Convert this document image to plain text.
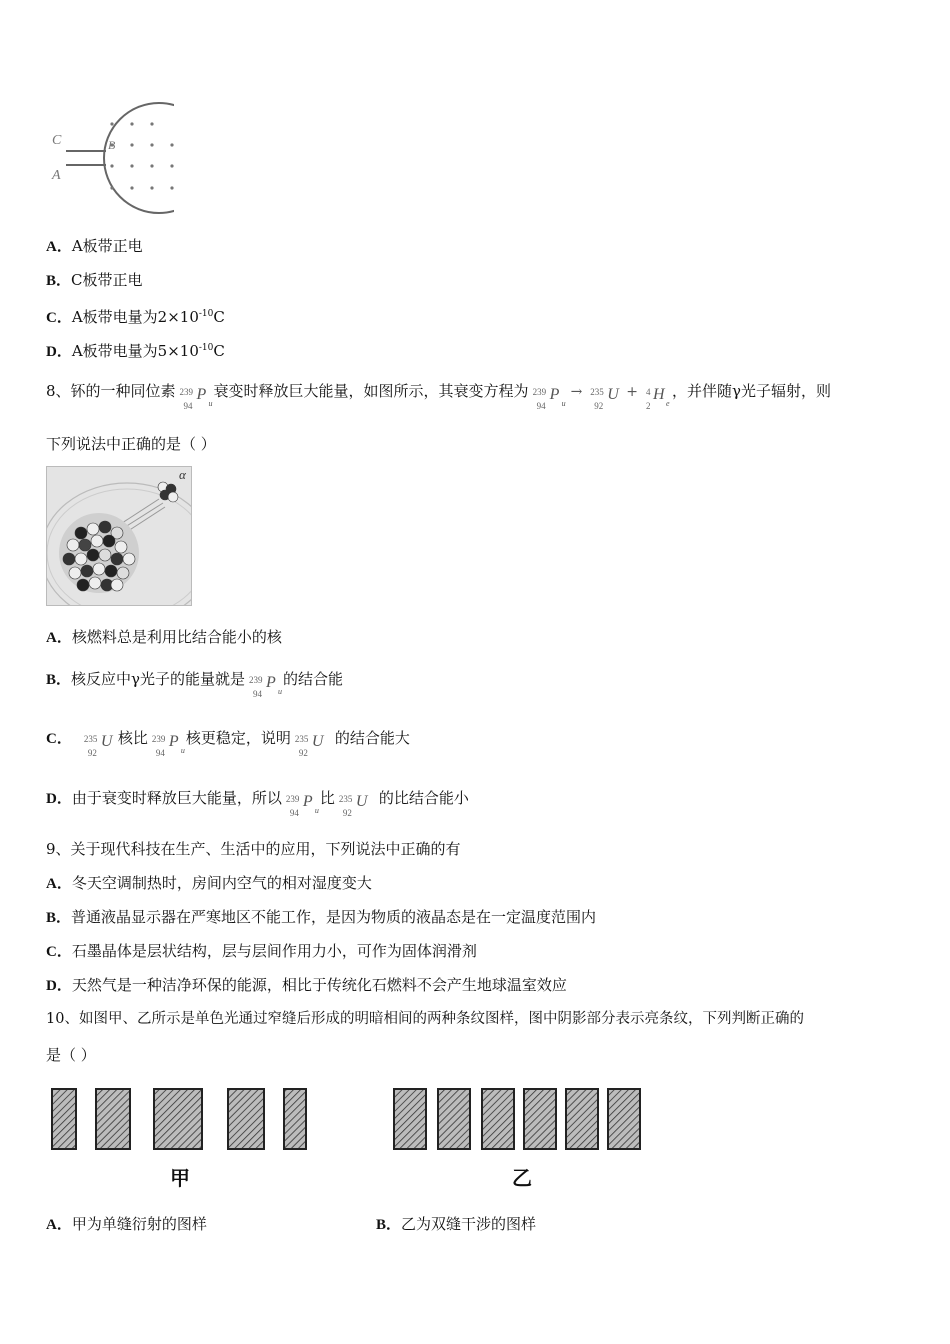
C
A
B
A．A板带正电
B．C板带正电
C．A板带电量为$2\times 10^{-10}C$
D．A板带电量为$5\times 10^{-10}C$
8、钚的一种同位素 239
94
P
u
衰变时释放巨大能量，如图所示，其衰变方程为 239
94
P
u
→ 235
92
U + 4
2
H
e
，并伴随γ光子辐射，则
下列说法中正确的是（ ）
α
A．核燃料总是利用比结合能小的核
B．核反应中γ光子的能量就是 239
94
P
u
的结合能
C． 235
92
U 核比 239
94
P
u
核更稳定，说明 235
92
U 的结合能大
D．由于衰变时释放巨大能量，所以 239
94
P
u
比 235
92
U 的比结合能小
9、关于现代科技在生产、生活中的应用，下列说法中正确的有
A．冬天空调制热时，房间内空气的相对湿度变大
B．普通液晶显示器在严寒地区不能工作，是因为物质的液晶态是在一定温度范围内
C．石墨晶体是层状结构，层与层间作用力小，可作为固体润滑剂
D．天然气是一种洁净环保的能源，相比于传统化石燃料不会产生地球温室效应
10、如图甲、乙所示是单色光通过窄缝后形成的明暗相间的两种条纹图样，图中阴影部分表示亮条纹，下列判断正确的
是（ ）
甲	乙
A．甲为单缝衍射的图样	B．乙为双缝干涉的图样
